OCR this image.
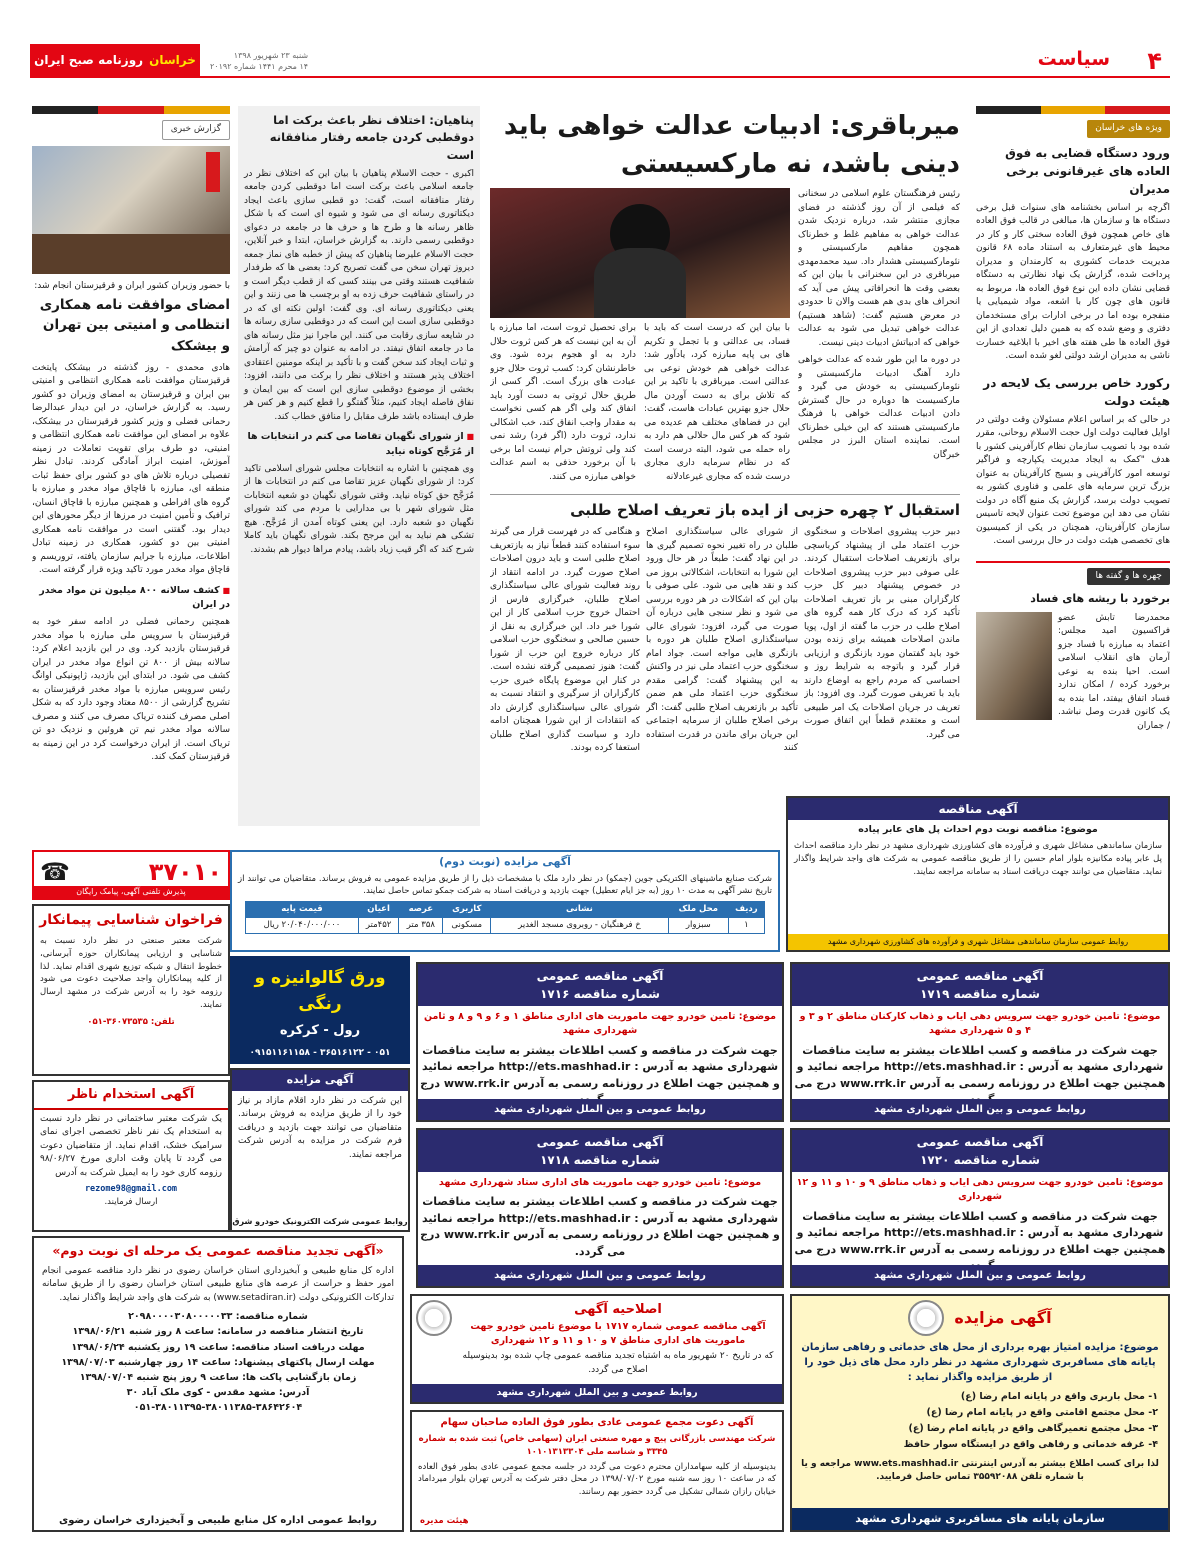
خراسان
روزنامه صبح ایران	شنبه ۲۳ شهریور ۱۳۹۸
۱۴ محرم ۱۴۴۱ شماره ۲۰۱۹۲	سیاست ۴
ویژه های خراسان
ورود دستگاه قضایی به فوق العاده های غیرقانونی برخی مدیران

اگرچه بر اساس بخشنامه های سنوات قبل برخی دستگاه ها و سازمان ها، مبالغی در قالب فوق العاده های خاص همچون فوق العاده سختی کار و کار در محیط های غیرمتعارف به استناد ماده ۶۸ قانون مدیریت خدمات کشوری به کارمندان و مدیران پرداخت شده، گزارش یک نهاد نظارتی به دستگاه قضایی نشان داده این نوع فوق العاده ها، مربوط به قانون های چون کار با اشعه، مواد شیمیایی یا منفجره بوده اما در برخی ادارات برای مستخدمان دفتری و وضع شده که به همین دلیل تعدادی از این فوق العاده ها طی هفته های اخیر با ابلاغیه خسارت ناشی به مدیران ارشد دولتی لغو شده است.

رکورد خاص بررسی یک لایحه در هیئت دولت

در حالی که بر اساس اعلام مسئولان وقت دولتی در اوایل فعالیت دولت اول حجت الاسلام روحانی، مقرر شده بود با تصویب سازمان نظام کارآفرینی کشور با هدف "کمک به ایجاد مدیریت یکپارچه و فراگیر توسعه امور کارآفرینی و بسیج کارآفرینان به عنوان بزرگ ترین سرمایه های علمی و فناوری کشور به تصویب دولت برسد، گزارش یک منبع آگاه در دولت نشان می دهد این موضوع تحت عنوان لایحه تاسیس سازمان کارآفرینان، همچنان در یکی از کمیسیون های تخصصی هیئت دولت در حال بررسی است.

چهره ها و گفته ها
برخورد با ریشه های فساد

محمدرضا تابش عضو فراکسیون امید مجلس: اعتماد به مبارزه با فساد جزو آرمان های انقلاب اسلامی است. احیا بنده به نوعی برخورد کرده / امکان ندارد فساد اتفاق بیفتد، اما بنده به یک کانون قدرت وصل نباشد. / جماران

میرباقری: ادبیات عدالت خواهی باید دینی باشد، نه مارکسیستی

رئیس فرهنگستان علوم اسلامی در سخنانی که فیلمی از آن روز گذشته در فضای مجازی منتشر شد، درباره نزدیک شدن عدالت خواهی به مفاهیم غلط و خطرناک همچون مفاهیم مارکسیستی و نئومارکسیستی هشدار داد. سید محمدمهدی میرباقری در این سخنرانی با بیان این که بعضی وقت ها انحرافاتی پیش می آید که انحراف های بدی هم هست والان تا حدودی در معرض هستیم گفت: (شاهد هستیم) عدالت خواهی تبدیل می شود به عدالت خواهی که ادبیاتش ادبیات دینی نیست.

در دوره ما این طور شده که عدالت خواهی دارد آهنگ ادبیات مارکسیستی و نئومارکسیستی به خودش می گیرد و مارکسیست ها دوباره در حال گسترش دادن ادبیات عدالت خواهی با فرهنگ مارکسیستی هستند که این خیلی خطرناک است. نماینده استان البرز در مجلس خبرگان

با بیان این که درست است که باید با فساد، بی عدالتی و با تجمل و تکریم های بی پایه مبارزه کرد، یادآور شد: عدالت خواهی هم خودش نوعی بی عدالتی است. میرباقری با تاکید بر این که تلاش برای به دست آوردن مال حلال جزو بهترین عبادات هاست، گفت: این در فضاهای مختلف هم عدیده می شود که هر کس مال حلالی هم دارد به راه حمله می شود، البته درست است که در نظام سرمایه داری مجاری درست شده که مجاری غیرعادلانه

برای تحصیل ثروت است، اما مبارزه با آن به این نیست که هر کس ثروت حلال دارد به او هجوم برده شود. وی خاطرنشان کرد: کسب ثروت حلال جزو عبادت های بزرگ است. اگر کسی از طریق حلال ثروتی به دست آورد باید انفاق کند ولی اگر هم کسی نخواست به مقدار واجب انفاق کند، خب اشکالی ندارد، ثروت دارد (اگر فرد) رشد نمی کند ولی ثروتش حرام نیست اما برخی با آن برخورد حذفی به اسم عدالت خواهی مبارزه می کنند.

استقبال ۲ چهره حزبی از ایده باز تعریف اصلاح طلبی

دبیر حزب پیشروی اصلاحات و سخنگوی حزب اعتماد ملی از پیشنهاد کرباسچی برای بازتعریف اصلاحات استقبال کردند. علی صوفی دبیر حزب پیشروی اصلاحات در خصوص پیشنهاد دبیر کل حزب کارگزاران مبنی بر باز تعریف اصلاحات تأکید کرد که درک کار همه گروه های اصلاح طلب در حزب ما گفته از اول، پویا ماندن اصلاحات همیشه برای زنده بودن خود باید گفتمان مورد بازنگری و ارزیابی قرار گیرد و باتوجه به شرایط روز و احساسی که مردم راجع به اوضاع دارند باید با تعریفی صورت گیرد. وی افزود: باز تعریف در جریان اصلاحات یک امر طبیعی است و معتقدم قطعاً این اتفاق صورت می گیرد.

از شورای عالی سیاستگذاری اصلاح طلبان در راه تغییر نحوه تصمیم گیری ها در این نهاد گفت: طبعاً در هر حال ورود این شورا به انتخابات، اشکالاتی بروز می کند و نقد هایی می شود. علی صوفی با بیان این که اشکالات در هر دوره بررسی می شود و نظر سنجی هایی درباره آن صورت می گیرد، افزود: شورای عالی سیاستگذاری اصلاح طلبان هر دوره با بازنگری هایی مواجه است. جواد امام سخنگوی حزب اعتماد ملی نیز در واکنش به این پیشنهاد گفت: گرامی مقدم سخنگوی حزب اعتماد ملی هم ضمن تأکید بر بازتعریف اصلاح طلبی گفت: اگر برخی اصلاح طلبان از سرمایه اجتماعی این جریان برای ماندن در قدرت استفاده کنند

و هنگامی که در فهرست قرار می گیرند سوء استفاده کنند قطعاً نیاز به بازتعریف اصلاح طلبی است و باید درون اصلاحات اصلاح صورت گیرد. در ادامه انتقاد از روند فعالیت شورای عالی سیاستگذاری اصلاح طلبان، خبرگزاری فارس از احتمال خروج حزب اسلامی کار از این شورا خبر داد. این خبرگزاری به نقل از حسین صالحی و سخنگوی حزب اسلامی کار درباره خروج این حزب از شورا گفت: هنوز تصمیمی گرفته نشده است. در کنار این موضوع پایگاه خبری حزب کارگزاران از سرگیری و انتقاد نسبت به شورای عالی سیاستگذاری گزارش داد که انتقادات از این شورا همچنان ادامه دارد و سیاست گذاری اصلاح طلبان استعفا کرده بودند.

پناهیان: اختلاف نظر باعث برکت اما دوقطبی کردن جامعه رفتار منافقانه است

اکبری - حجت الاسلام پناهیان با بیان این که اختلاف نظر در جامعه اسلامی باعث برکت است اما دوقطبی کردن جامعه رفتار منافقانه است، گفت: دو قطبی سازی باعث ایجاد دیکتاتوری رسانه ای می شود و شیوه ای است که با شکل ظاهر رسانه ها و طرح ها و حرف ها در جامعه در دعوای دوقطبی رسمی دارند. به گزارش خراسان، ابتدا و خبر آنلاین، حجت الاسلام علیرضا پناهیان که پیش از خطبه های نماز جمعه دیروز تهران سخن می گفت تصریح کرد: بعضی ها که طرفدار شفافیت هستند وقتی می بینند کسی که از قطب دیگر است و در راستای شفافیت حرف زده به او برچسب ها می زنند و این یعنی دیکتاتوری رسانه ای. وی گفت: اولین نکته ای که در دوقطبی سازی است این است که در دوقطبی سازی رسانه ها در شایعه سازی رقابت می کنند. این ماجرا نیز مثل رسانه های ما در جامعه اتفاق نیفتد. در ادامه به عنوان دو چیز که آرامش و ثبات ایجاد کند سخن گفت و با تأکید بر اینکه مومنین اعتقادی اختلاف پذیر هستند و اختلاف نظر را برکت می دانند، افزود: بخشی از موضوع دوقطبی سازی این است که بین ایمان و نفاق فاصله ایجاد کنیم، مثلاً گفتگو را قطع کنیم و هر کس هر طرف ایستاده باشد طرف مقابل را منافق خطاب کند.

■ از شورای نگهبان تقاضا می کنم در انتخابات ها از مُرَجَّح کوتاه نیاید

وی همچنین با اشاره به انتخابات مجلس شورای اسلامی تاکید کرد: از شورای نگهبان عزیز تقاضا می کنم در انتخابات ها از مُرَجَّح حق کوتاه نیاید. وقتی شورای نگهبان دو شعیه انتخابات مثل شورای شهر با بی مدارایی با مردم می کند شورای نگهبان دو شعبه دارد. این یعنی کوتاه آمدن از مُرَجَّح. هیچ تشکی هم نباید به این مرجح بکند. شورای نگهبان باید کاملا شرح کند که اگر قیب زیاد باشد، پیادم مراها دیوار هم بشدند.

گزارش خبری
با حضور وزیران کشور ایران و قرقیزستان انجام شد:
امضای موافقت نامه همکاری انتظامی و امنیتی بین تهران و بیشکک

هادی محمدی - روز گذشته در بیشکک پایتخت قرقیزستان موافقت نامه همکاری انتظامی و امنیتی بین ایران و قرقیزستان به امضای وزیران دو کشور رسید. به گزارش خراسان، در این دیدار عبدالرضا رحمانی فضلی و وزیر کشور قرقیزستان در بیشکک، علاوه بر امضای این موافقت نامه همکاری انتظامی و امنیتی، دو طرف برای تقویت تعاملات در زمینه آموزش، امنیت ابراز آمادگی کردند. تبادل نظر تفصیلی درباره تلاش های دو کشور برای حفظ ثبات منطقه ای، مبارزه با قاچاق مواد مخدر و مبارزه با گروه های افراطی و همچنین مبارزه با قاچاق انسان، ترافیک و تأمین امنیت در مرزها از دیگر محورهای این دیدار بود. گفتنی است در موافقت نامه همکاری امنیتی بین دو کشور، همکاری در زمینه تبادل اطلاعات، مبارزه با جرایم سازمان یافته، تروریسم و قاچاق مواد مخدر مورد تاکید ویژه قرار گرفته است.

■ کشف سالانه ۸۰۰ میلیون تن مواد مخدر در ایران

همچنین رحمانی فضلی در ادامه سفر خود به قرقیزستان با سرویس ملی مبارزه با مواد مخدر قرقیزستان بازدید کرد. وی در این بازدید اعلام کرد: سالانه بیش از ۸۰۰ تن انواع مواد مخدر در ایران کشف می شود. در ابتدای این بازدید، ژاپونیکی اوانگ رئیس سرویس مبارزه با مواد مخدر قرقیزستان به تشریح گزارشی از ۸۵۰۰ معتاد وجود دارد که به شکل اصلی مصرف کننده تریاک مصرف می کنند و مصرف سالانه مواد مخدر نیم تن هروئین و نزدیک دو تن تریاک است. از ایران درخواست کرد در این زمینه به قرقیزستان کمک کند.

۳۷۰۱۰
☎
پذیرش تلفنی آگهی، پیامک رایگان
فراخوان شناسایی پیمانکار

شرکت معتبر صنعتی در نظر دارد نسبت به شناسایی و ارزیابی پیمانکاران حوزه آبرسانی، خطوط انتقال و شبکه توزیع شهری اقدام نماید. لذا از کلیه پیمانکاران واجد صلاحیت دعوت می شود رزومه خود را به آدرس شرکت در مشهد ارسال نمایند.

تلفن: ۳۶۰۷۳۵۳۵-۰۵۱
آگهی استخدام ناظر

یک شرکت معتبر ساختمانی در نظر دارد نسبت به استخدام یک نفر ناظر تخصصی اجرای نمای سرامیک خشک، اقدام نماید. از متقاضیان دعوت می گردد تا پایان وقت اداری مورخ ۹۸/۰۶/۲۷ رزومه کاری خود را به ایمیل شرکت به آدرس

rezome98@gmail.com
ارسال فرمایند.
آگهی مزایده (نوبت دوم)

شرکت صنایع ماشینهای الکتریکی جوین (جمکو) در نظر دارد ملک با مشخصات ذیل را از طریق مزایده عمومی به فروش برساند. متقاضیان می توانند از تاریخ نشر آگهی به مدت ۱۰ روز (به جز ایام تعطیل) جهت بازدید و دریافت اسناد به شرکت جمکو تماس حاصل نمایند.

ردیف	محل ملک	نشانی	کاربری	عرصه	اعیان	قیمت پایه
۱	سبزوار	خ فرهنگیان - روبروی مسجد الغدیر	مسکونی	۳۵۸ متر	۴۵۲متر	۲۰/۰۴۰/۰۰۰/۰۰۰ ریال
آگهی مناقصه
موضوع: مناقصه نوبت دوم احداث پل های عابر پیاده

سازمان ساماندهی مشاغل شهری و فرآورده های کشاورزی شهرداری مشهد در نظر دارد مناقصه احداث پل عابر پیاده مکانیزه بلوار امام حسین را از طریق مناقصه عمومی به شرکت های واجد شرایط واگذار نماید. متقاضیان می توانند جهت دریافت اسناد به سامانه مراجعه نمایند.

روابط عمومی سازمان ساماندهی مشاغل شهری و فرآورده های کشاورزی شهرداری مشهد
ورق گالوانیزه و رنگی
رول - کرکره
۰۵۱ - ۳۶۵۱۶۱۲۲ - ۰۹۱۵۱۱۶۱۱۵۸
آگهی مزایده

این شرکت در نظر دارد اقلام مازاد بر نیاز خود را از طریق مزایده به فروش برساند. متقاضیان می توانند جهت بازدید و دریافت فرم شرکت در مزایده به آدرس شرکت مراجعه نمایند.

روابط عمومی شرکت الکترونیک خودرو شرق
آگهی مناقصه عمومی
شماره مناقصه ۱۷۱۶
موضوع: تامین خودرو جهت ماموریت های اداری مناطق ۱ و ۶ و ۹ و ۸ و ثامن شهرداری مشهد
جهت شرکت در مناقصه و کسب اطلاعات بیشتر به سایت مناقصات شهرداری مشهد به آدرس : http://ets.mashhad.ir مراجعه نمائید و همچنین جهت اطلاع در روزنامه رسمی به آدرس www.rrk.ir درج
روابط عمومی و بین الملل شهرداری مشهد
آگهی مناقصه عمومی
شماره مناقصه ۱۷۱۹
موضوع: تامین خودرو جهت سرویس دهی ایاب و ذهاب کارکنان مناطق ۲ و ۳ و ۴ و ۵ شهرداری مشهد
جهت شرکت در مناقصه و کسب اطلاعات بیشتر به سایت مناقصات شهرداری مشهد به آدرس : http://ets.mashhad.ir مراجعه نمائید و همچنین جهت اطلاع در روزنامه رسمی به آدرس www.rrk.ir درج می
روابط عمومی و بین الملل شهرداری مشهد
آگهی مناقصه عمومی
شماره مناقصه ۱۷۱۸
موضوع: تامین خودرو جهت ماموریت های اداری ستاد شهرداری مشهد
جهت شرکت در مناقصه و کسب اطلاعات بیشتر به سایت مناقصات شهرداری مشهد به آدرس : http://ets.mashhad.ir مراجعه نمائید و همچنین جهت اطلاع در روزنامه رسمی به آدرس www.rrk.ir درج می گردد.
روابط عمومی و بین الملل شهرداری مشهد
آگهی مناقصه عمومی
شماره مناقصه ۱۷۲۰
موضوع: تامین خودرو جهت سرویس دهی ایاب و ذهاب مناطق ۹ و ۱۰ و ۱۱ و ۱۲ شهرداری
جهت شرکت در مناقصه و کسب اطلاعات بیشتر به سایت مناقصات شهرداری مشهد به آدرس : http://ets.mashhad.ir مراجعه نمائید و همچنین جهت اطلاع در روزنامه رسمی به آدرس www.rrk.ir درج می
روابط عمومی و بین الملل شهرداری مشهد
«آگهی تجدید مناقصه عمومی یک مرحله ای نوبت دوم»

اداره کل منابع طبیعی و آبخیزداری استان خراسان رضوی در نظر دارد مناقصه عمومی انجام امور حفظ و حراست از عرصه های منابع طبیعی استان خراسان رضوی را از طریق سامانه تدارکات الکترونیکی دولت (www.setadiran.ir) به شرکت های واجد شرایط واگذار نماید.

شماره مناقصه: ۲۰۹۸۰۰۰۰۳۰۸۰۰۰۰۰۳۳
تاریخ انتشار مناقصه در سامانه: ساعت ۸ روز شنبه ۱۳۹۸/۰۶/۲۱
مهلت دریافت اسناد مناقصه: ساعت ۱۹ روز یکشنبه ۱۳۹۸/۰۶/۲۴
مهلت ارسال پاکتهای پیشنهاد: ساعت ۱۴ روز چهارشنبه ۱۳۹۸/۰۷/۰۳
زمان بازگشایی پاکت ها: ساعت ۹ روز پنج شنبه ۱۳۹۸/۰۷/۰۴
آدرس: مشهد مقدس - کوی ملک آباد ۳۰
۰۵۱-۳۸۰۱۱۳۹۵-۳۸۰۱۱۳۸۵-۳۸۶۴۲۶۰۴
روابط عمومی اداره کل منابع طبیعی و آبخیزداری خراسان رضوی
اصلاحیه آگهی
آگهی مناقصه عمومی شماره ۱۷۱۷ با موضوع تامین خودرو جهت ماموریت های اداری مناطق ۷ و ۱۰ و ۱۱ و ۱۲ شهرداری

که در تاریخ ۲۰ شهریور ماه به اشتباه تجدید مناقصه عمومی چاپ شده بود بدینوسیله اصلاح می گردد.

روابط عمومی و بین الملل شهرداری مشهد
آگهی دعوت مجمع عمومی عادی بطور فوق العاده صاحبان سهام
شرکت مهندسی بازرگانی پیچ و مهره صنعتی ایران (سهامی خاص) ثبت شده به شماره ۳۳۴۵ و شناسه ملی ۱۰۱۰۱۳۱۳۳۰۴

بدینوسیله از کلیه سهامداران محترم دعوت می گردد در جلسه مجمع عمومی عادی بطور فوق العاده که در ساعت ۱۰ روز سه شنبه مورخ ۱۳۹۸/۰۷/۰۲ در محل دفتر شرکت به آدرس تهران بلوار میرداماد خیابان رازان شمالی تشکیل می گردد حضور بهم رسانند.

هیئت مدیره
آگهی مزایده

موضوع: مزایده امتیاز بهره برداری از محل های خدماتی و رفاهی سازمان پایانه های مسافربری شهرداری مشهد در نظر دارد محل های ذیل خود را از طریق مزایده واگذار نماید :

۱- محل باربری واقع در پایانه امام رضا (ع)
۲- محل مجتمع اقامتی واقع در پایانه امام رضا (ع)
۳- محل مجتمع تعمیرگاهی واقع در پایانه امام رضا (ع)
۴- غرفه خدماتی و رفاهی واقع در ایستگاه سوار حافظ

لذا برای کسب اطلاع بیشتر به آدرس اینترنتی www.ets.mashhad.ir مراجعه و یا با شماره تلفن ۳۵۵۹۲۰۸۸ تماس حاصل فرمایید.

سازمان پایانه های مسافربری شهرداری مشهد
